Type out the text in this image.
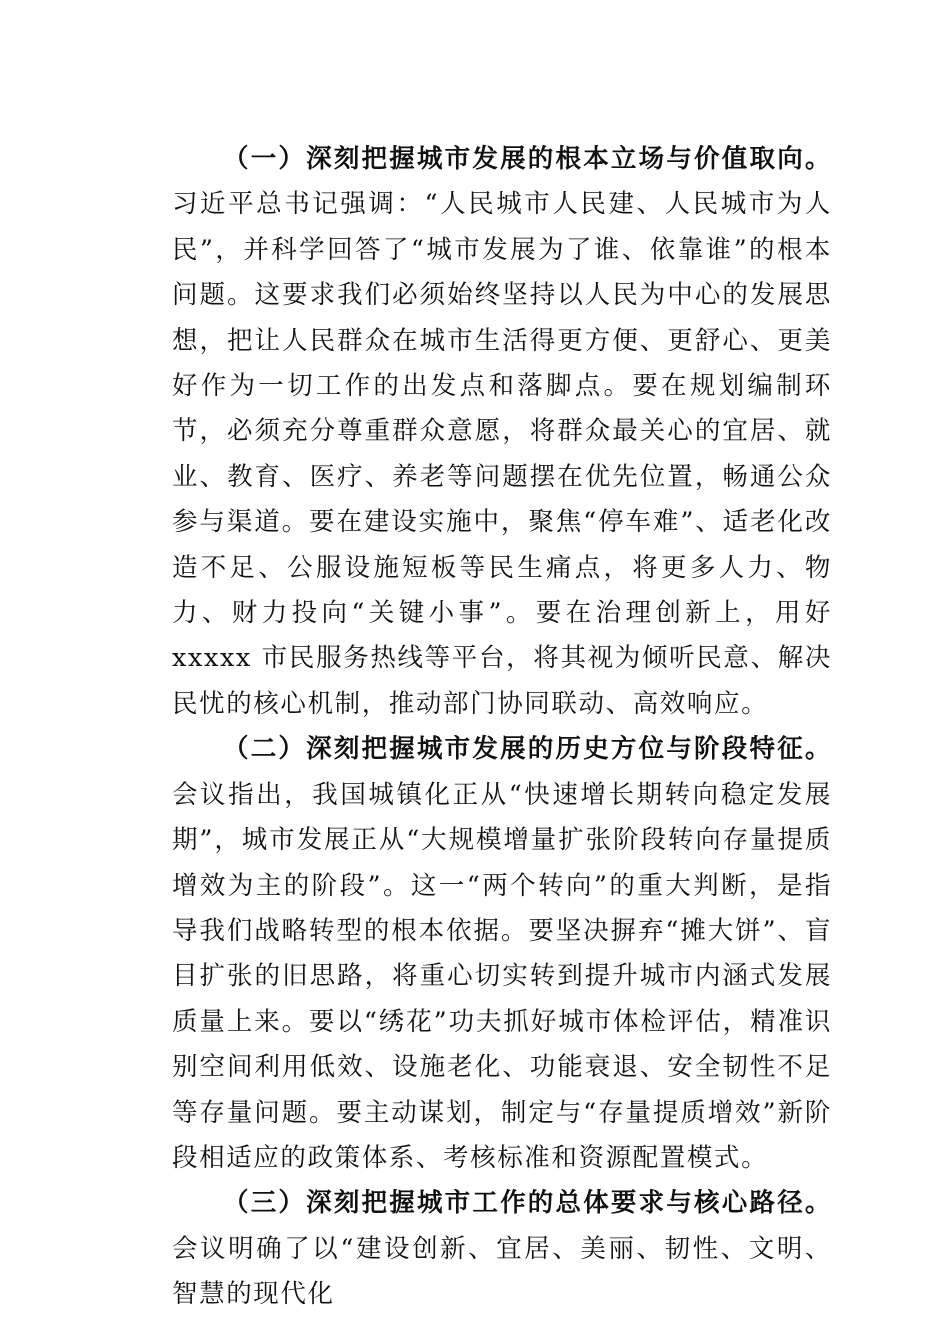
（一）深刻把握城市发展的根本立场与价值取向。习近平总书记强调：“人民城市人民建、人民城市为人民”，并科学回答了“城市发展为了谁、依靠谁”的根本问题。这要求我们必须始终坚持以人民为中心的发展思想，把让人民群众在城市生活得更方便、更舒心、更美好作为一切工作的出发点和落脚点。要在规划编制环节，必须充分尊重群众意愿，将群众最关心的宜居、就业、教育、医疗、养老等问题摆在优先位置，畅通公众参与渠道。要在建设实施中，聚焦“停车难”、适老化改造不足、公服设施短板等民生痛点，将更多人力、物力、财力投向“关键小事”。要在治理创新上，用好 xxxxx 市民服务热线等平台，将其视为倾听民意、解决民忧的核心机制，推动部门协同联动、高效响应。

（二）深刻把握城市发展的历史方位与阶段特征。会议指出，我国城镇化正从“快速增长期转向稳定发展期”，城市发展正从“大规模增量扩张阶段转向存量提质增效为主的阶段”。这一“两个转向”的重大判断，是指导我们战略转型的根本依据。要坚决摒弃“摊大饼”、盲目扩张的旧思路，将重心切实转到提升城市内涵式发展质量上来。要以“绣花”功夫抓好城市体检评估，精准识别空间利用低效、设施老化、功能衰退、安全韧性不足等存量问题。要主动谋划，制定与“存量提质增效”新阶段相适应的政策体系、考核标准和资源配置模式。

（三）深刻把握城市工作的总体要求与核心路径。会议明确了以“建设创新、宜居、美丽、韧性、文明、智慧的现代化
